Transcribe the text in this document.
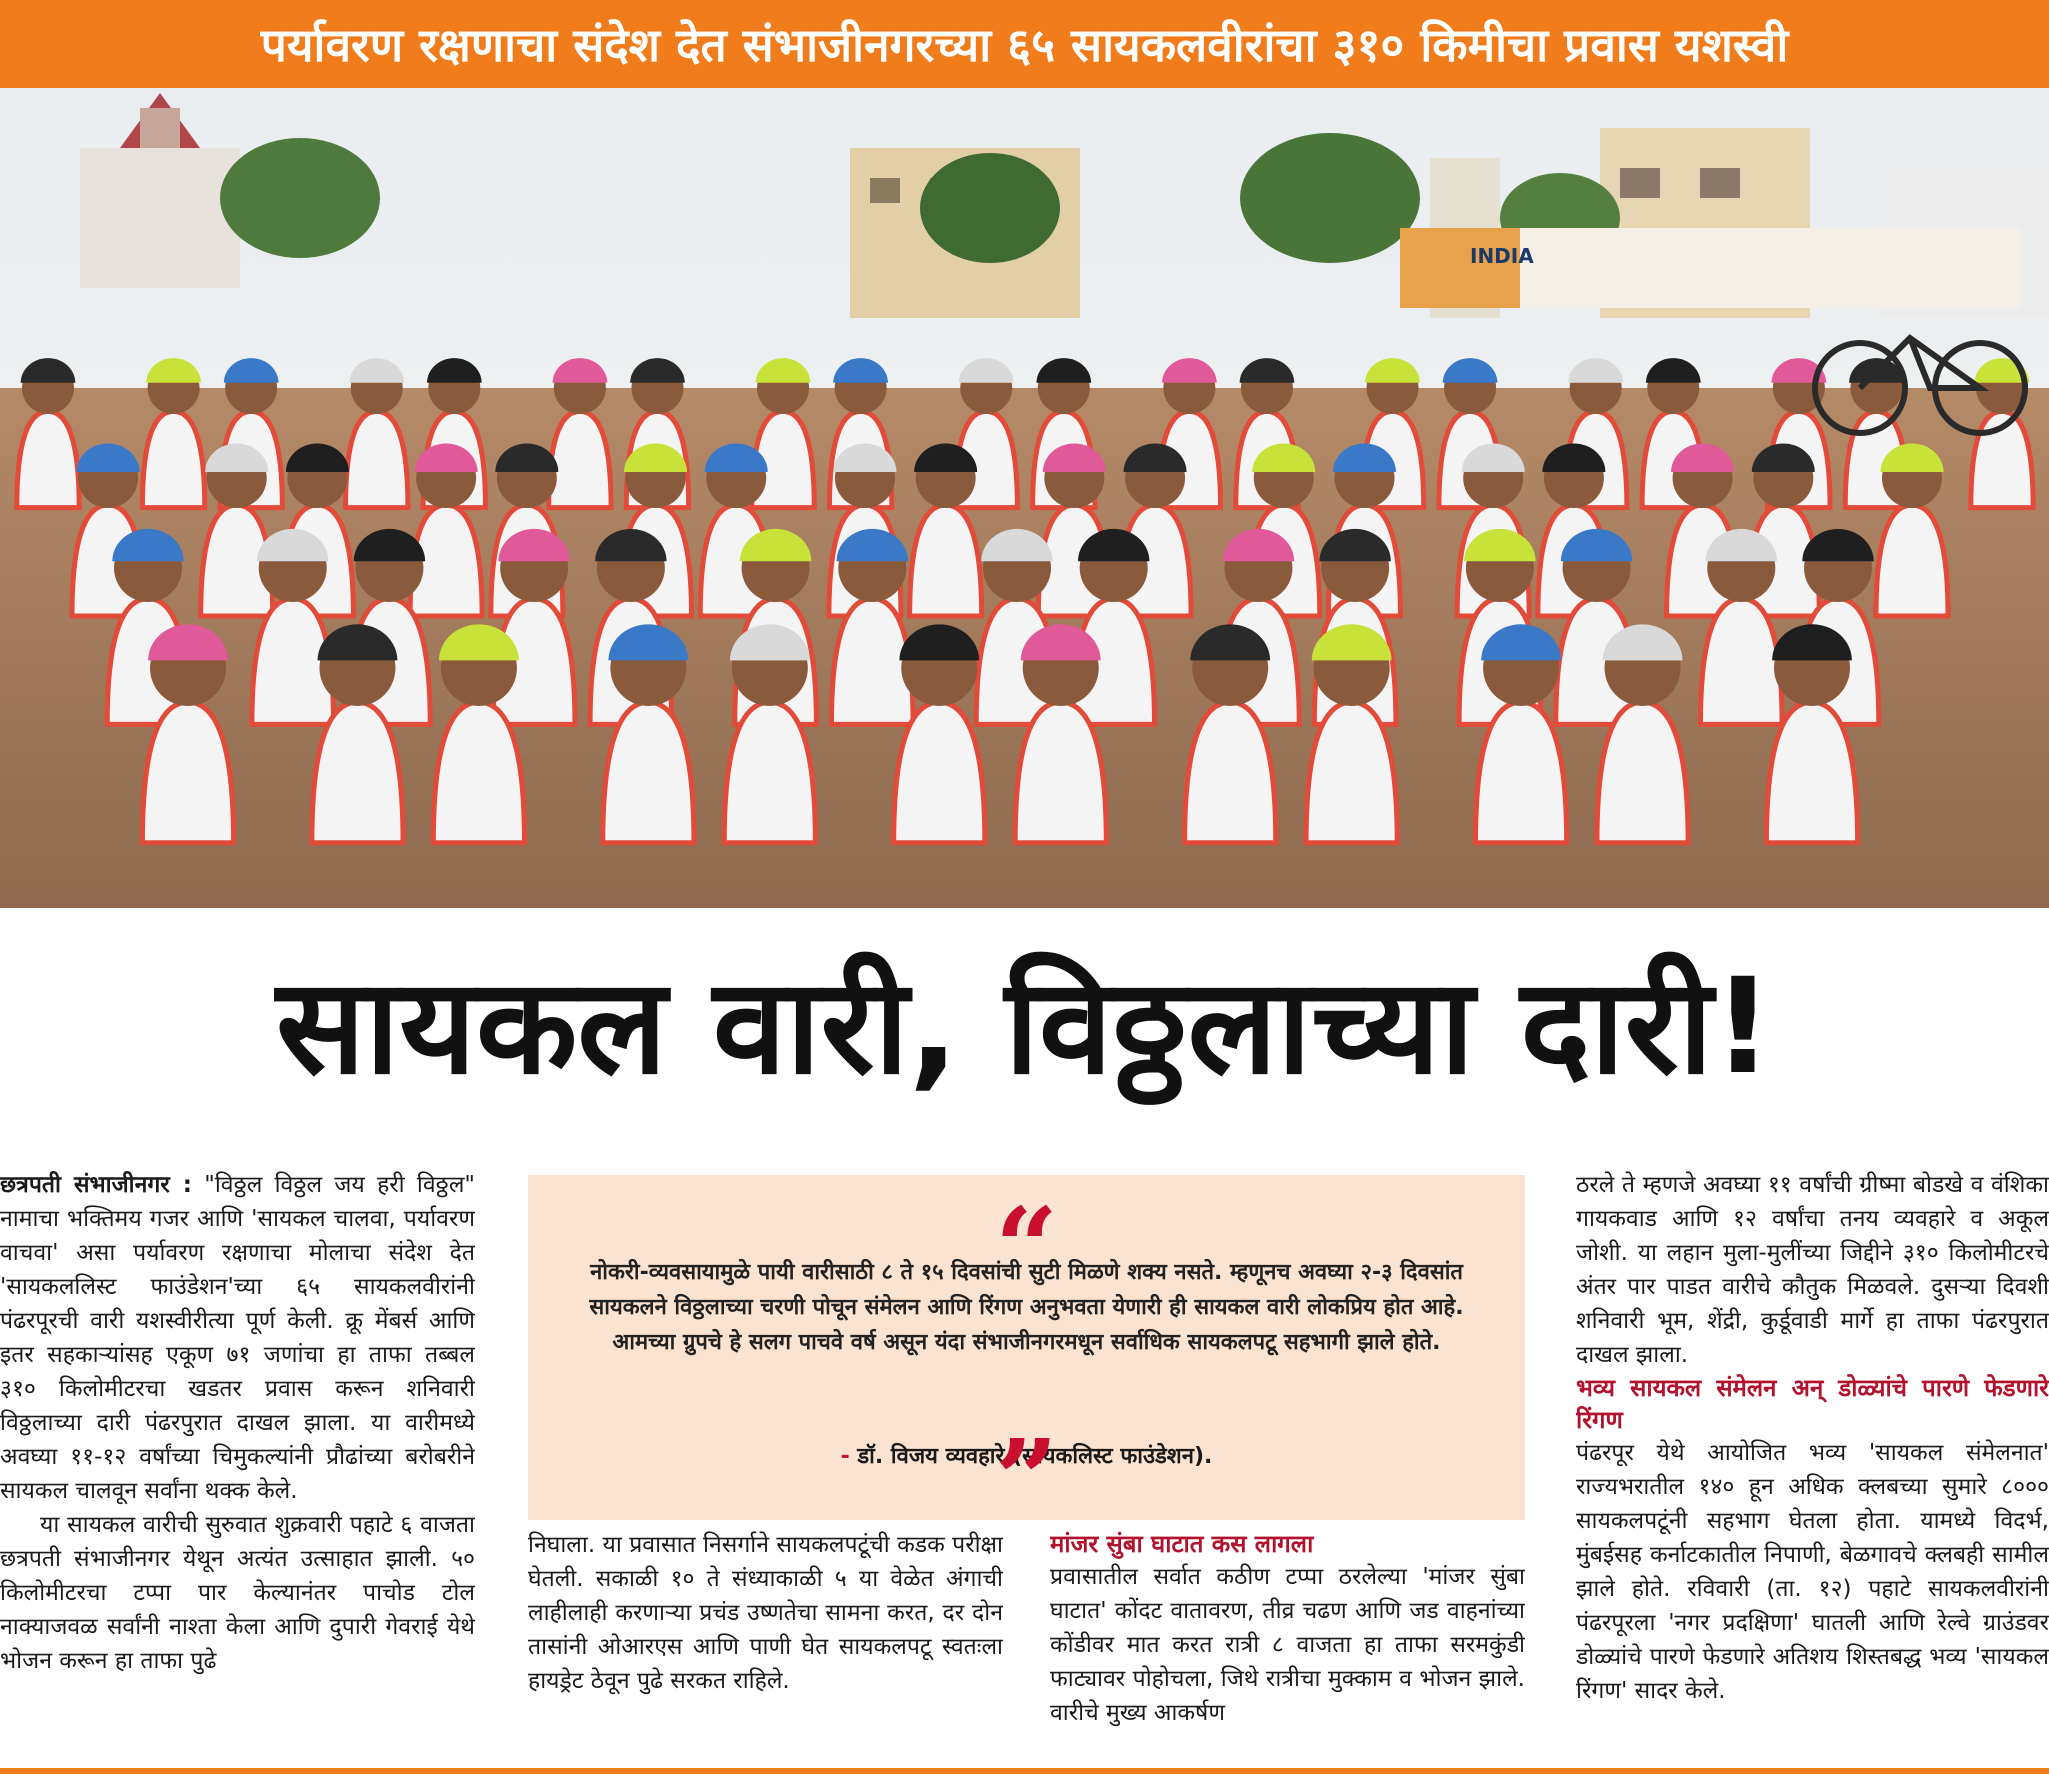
पर्यावरण रक्षणाचा संदेश देत संभाजीनगरच्या ६५ सायकलवीरांचा ३१० किमीचा प्रवास यशस्वी
INDIA
सायकल वारी, विठ्ठलाच्या दारी!

छत्रपती संभाजीनगर : "विठ्ठल विठ्ठल जय हरी विठ्ठल" नामाचा भक्तिमय गजर आणि 'सायकल चालवा, पर्यावरण वाचवा' असा पर्यावरण रक्षणाचा मोलाचा संदेश देत 'सायकललिस्ट फाउंडेशन'च्या ६५ सायकलवीरांनी पंढरपूरची वारी यशस्वीरीत्या पूर्ण केली. क्रू मेंबर्स आणि इतर सहकाऱ्यांसह एकूण ७१ जणांचा हा ताफा तब्बल ३१० किलोमीटरचा खडतर प्रवास करून शनिवारी विठ्ठलाच्या दारी पंढरपुरात दाखल झाला. या वारीमध्ये अवघ्या ११-१२ वर्षांच्या चिमुकल्यांनी प्रौढांच्या बरोबरीने सायकल चालवून सर्वांना थक्क केले.

या सायकल वारीची सुरुवात शुक्रवारी पहाटे ६ वाजता छत्रपती संभाजीनगर येथून अत्यंत उत्साहात झाली. ५० किलोमीटरचा टप्पा पार केल्यानंतर पाचोड टोल नाक्याजवळ सर्वांनी नाश्ता केला आणि दुपारी गेवराई येथे भोजन करून हा ताफा पुढे

“
नोकरी-व्यवसायामुळे पायी वारीसाठी ८ ते १५ दिवसांची सुटी मिळणे शक्य नसते. म्हणूनच अवघ्या २-३ दिवसांत सायकलने विठ्ठलाच्या चरणी पोचून संमेलन आणि रिंगण अनुभवता येणारी ही सायकल वारी लोकप्रिय होत आहे. आमच्या ग्रुपचे हे सलग पाचवे वर्ष असून यंदा संभाजीनगरमधून सर्वाधिक सायकलपटू सहभागी झाले होते.
- डॉ. विजय व्यवहारे (सायकलिस्ट फाउंडेशन).
”

निघाला. या प्रवासात निसर्गाने सायकलपटूंची कडक परीक्षा घेतली. सकाळी १० ते संध्याकाळी ५ या वेळेत अंगाची लाहीलाही करणाऱ्या प्रचंड उष्णतेचा सामना करत, दर दोन तासांनी ओआरएस आणि पाणी घेत सायकलपटू स्वतःला हायड्रेट ठेवून पुढे सरकत राहिले.

मांजर सुंबा घाटात कस लागला

प्रवासातील सर्वात कठीण टप्पा ठरलेल्या 'मांजर सुंबा घाटात' कोंदट वातावरण, तीव्र चढण आणि जड वाहनांच्या कोंडीवर मात करत रात्री ८ वाजता हा ताफा सरमकुंडी फाट्यावर पोहोचला, जिथे रात्रीचा मुक्काम व भोजन झाले. वारीचे मुख्य आकर्षण

ठरले ते म्हणजे अवघ्या ११ वर्षांची ग्रीष्मा बोडखे व वंशिका गायकवाड आणि १२ वर्षांचा तनय व्यवहारे व अकूल जोशी. या लहान मुला-मुलींच्या जिद्दीने ३१० किलोमीटरचे अंतर पार पाडत वारीचे कौतुक मिळवले. दुसऱ्या दिवशी शनिवारी भूम, शेंद्री, कुर्डूवाडी मार्गे हा ताफा पंढरपुरात दाखल झाला.

भव्य सायकल संमेलन अन् डोळ्यांचे पारणे फेडणारे रिंगण

पंढरपूर येथे आयोजित भव्य 'सायकल संमेलनात' राज्यभरातील १४० हून अधिक क्लबच्या सुमारे ८००० सायकलपटूंनी सहभाग घेतला होता. यामध्ये विदर्भ, मुंबईसह कर्नाटकातील निपाणी, बेळगावचे क्लबही सामील झाले होते. रविवारी (ता. १२) पहाटे सायकलवीरांनी पंढरपूरला 'नगर प्रदक्षिणा' घातली आणि रेल्वे ग्राउंडवर डोळ्यांचे पारणे फेडणारे अतिशय शिस्तबद्ध भव्य 'सायकल रिंगण' सादर केले.
